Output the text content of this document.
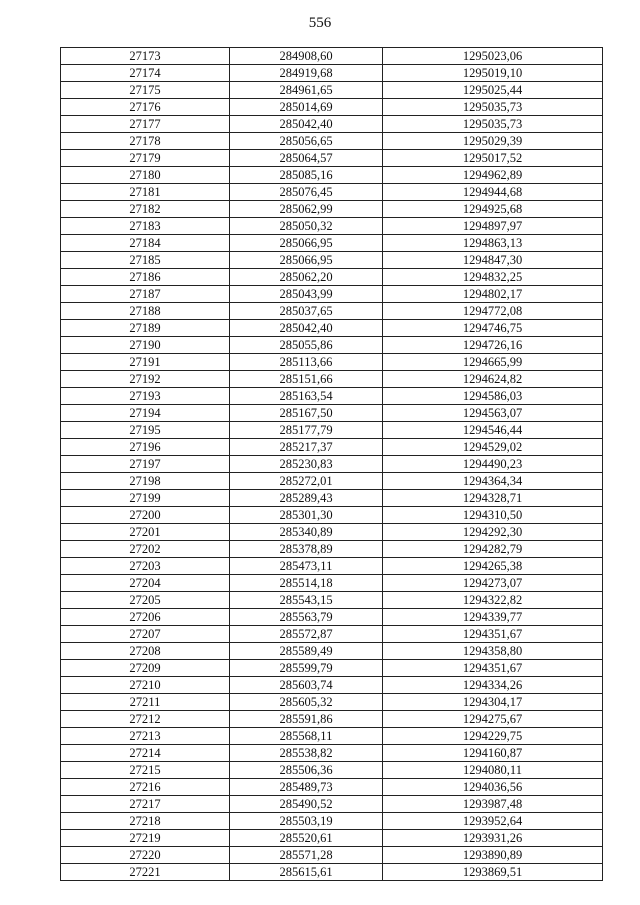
556
27173	284908,60	1295023,06
27174	284919,68	1295019,10
27175	284961,65	1295025,44
27176	285014,69	1295035,73
27177	285042,40	1295035,73
27178	285056,65	1295029,39
27179	285064,57	1295017,52
27180	285085,16	1294962,89
27181	285076,45	1294944,68
27182	285062,99	1294925,68
27183	285050,32	1294897,97
27184	285066,95	1294863,13
27185	285066,95	1294847,30
27186	285062,20	1294832,25
27187	285043,99	1294802,17
27188	285037,65	1294772,08
27189	285042,40	1294746,75
27190	285055,86	1294726,16
27191	285113,66	1294665,99
27192	285151,66	1294624,82
27193	285163,54	1294586,03
27194	285167,50	1294563,07
27195	285177,79	1294546,44
27196	285217,37	1294529,02
27197	285230,83	1294490,23
27198	285272,01	1294364,34
27199	285289,43	1294328,71
27200	285301,30	1294310,50
27201	285340,89	1294292,30
27202	285378,89	1294282,79
27203	285473,11	1294265,38
27204	285514,18	1294273,07
27205	285543,15	1294322,82
27206	285563,79	1294339,77
27207	285572,87	1294351,67
27208	285589,49	1294358,80
27209	285599,79	1294351,67
27210	285603,74	1294334,26
27211	285605,32	1294304,17
27212	285591,86	1294275,67
27213	285568,11	1294229,75
27214	285538,82	1294160,87
27215	285506,36	1294080,11
27216	285489,73	1294036,56
27217	285490,52	1293987,48
27218	285503,19	1293952,64
27219	285520,61	1293931,26
27220	285571,28	1293890,89
27221	285615,61	1293869,51
